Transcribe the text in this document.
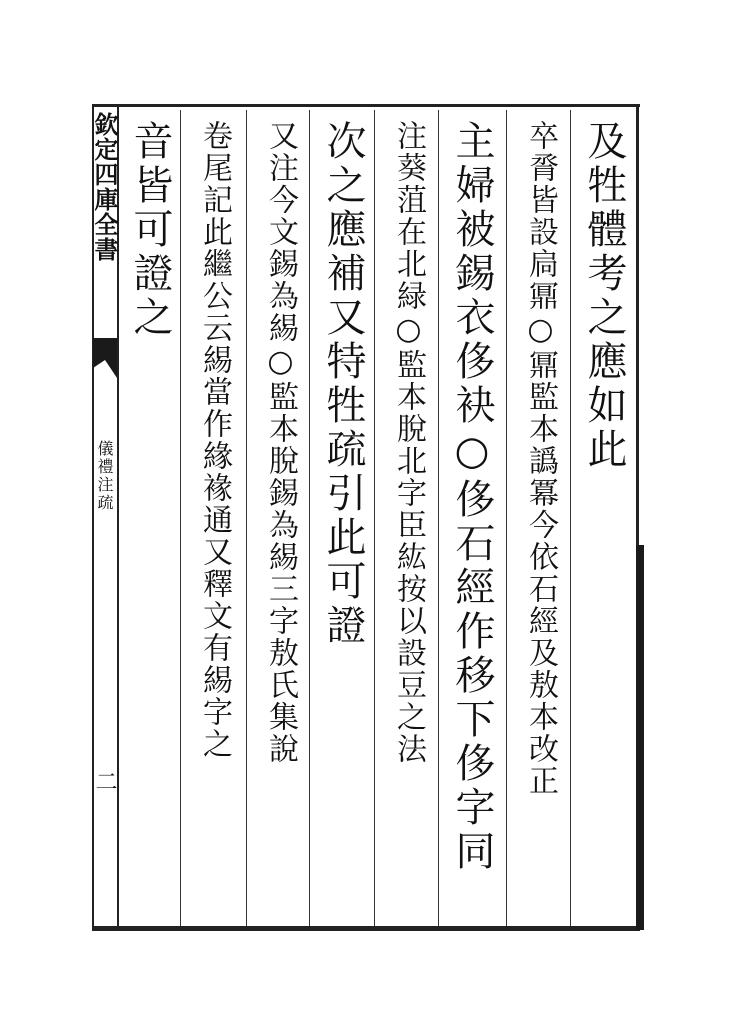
欽定四庫全書
儀禮注疏
二
及牲體考之應如此
卒脀皆設扃鼏○鼏監本譌冪今依石經及敖本改正
主婦被錫衣侈袂○侈石經作移下侈字同
注葵菹在北緑○監本脫北字臣紘按以設豆之法
次之應補又特牲疏引此可證
又注今文錫為緆○監本脫錫為緆三字敖氏集說
卷尾記此繼公云緆當作緣褖通又釋文有緆字之
音皆可證之
